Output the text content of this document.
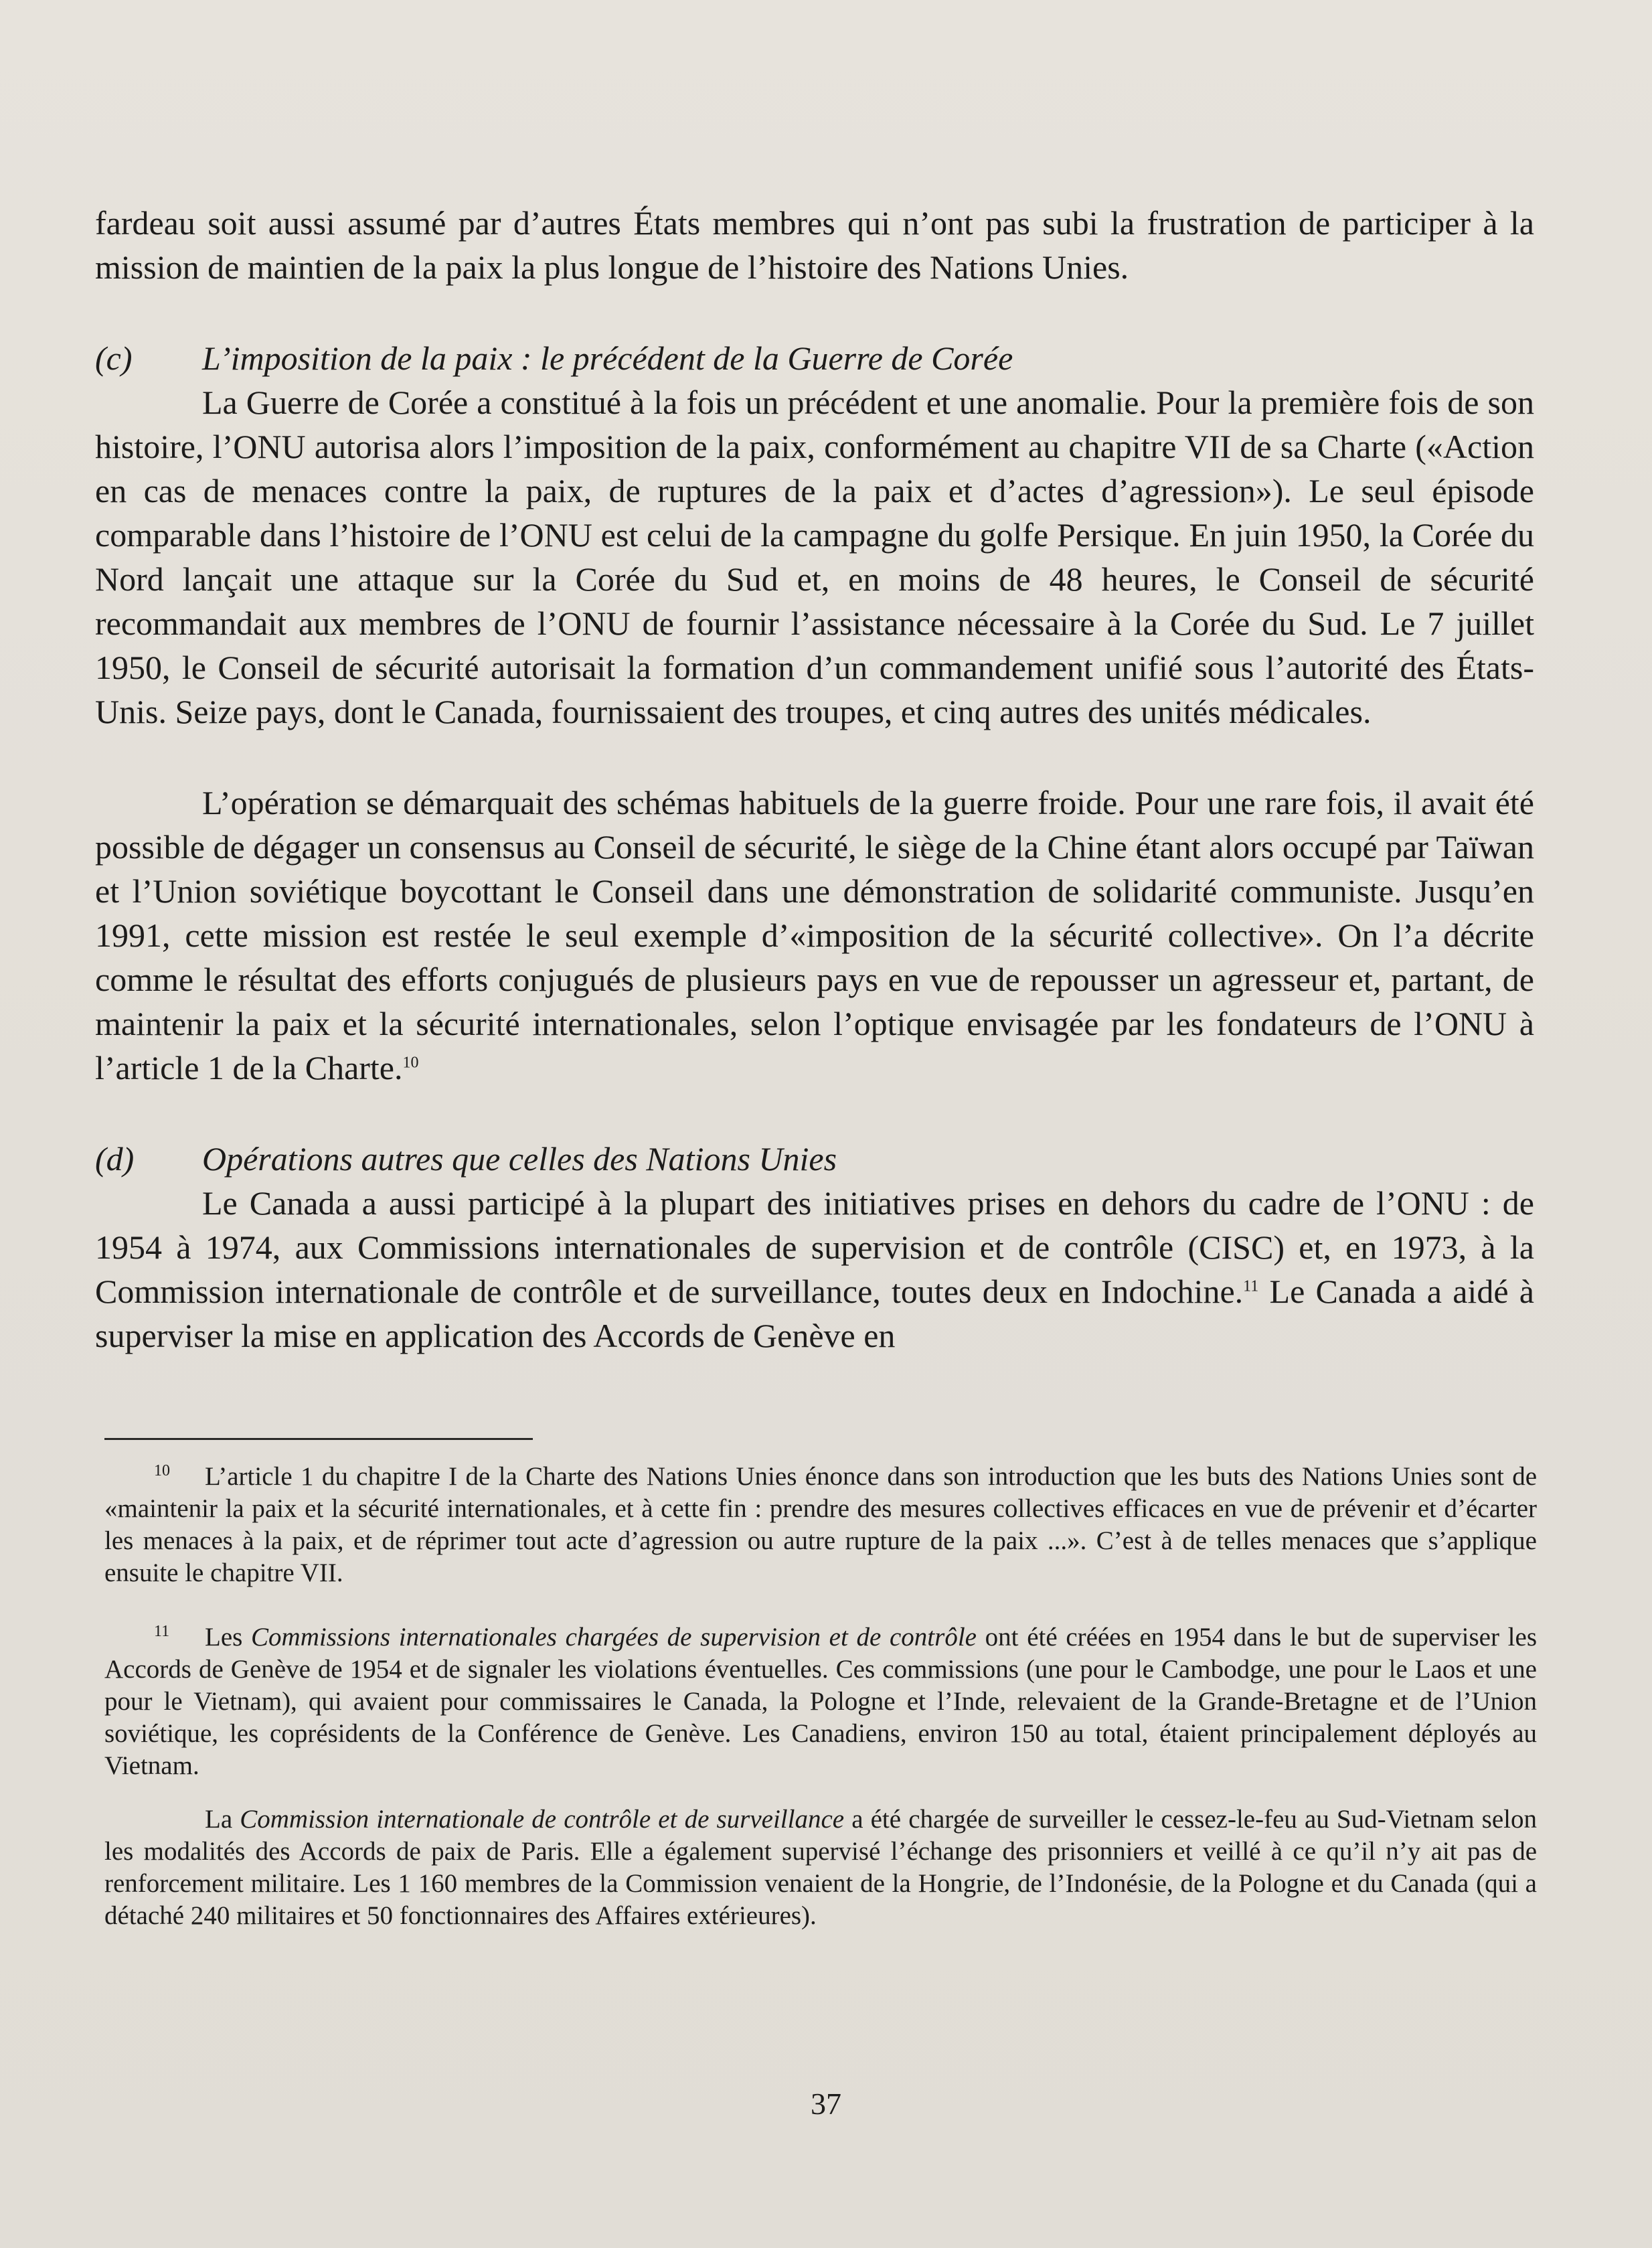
fardeau soit aussi assumé par d’autres États membres qui n’ont pas subi la frustration de participer à la mission de maintien de la paix la plus longue de l’histoire des Nations Unies.

(c)	L’imposition de la paix : le précédent de la Guerre de Corée

La Guerre de Corée a constitué à la fois un précédent et une anomalie. Pour la première fois de son histoire, l’ONU autorisa alors l’imposition de la paix, conformément au chapitre VII de sa Charte («Action en cas de menaces contre la paix, de ruptures de la paix et d’actes d’agression»). Le seul épisode comparable dans l’histoire de l’ONU est celui de la campagne du golfe Persique. En juin 1950, la Corée du Nord lançait une attaque sur la Corée du Sud et, en moins de 48 heures, le Conseil de sécurité recommandait aux membres de l’ONU de fournir l’assistance nécessaire à la Corée du Sud. Le 7 juillet 1950, le Conseil de sécurité autorisait la formation d’un commandement unifié sous l’autorité des États-Unis. Seize pays, dont le Canada, fournissaient des troupes, et cinq autres des unités médicales.

L’opération se démarquait des schémas habituels de la guerre froide. Pour une rare fois, il avait été possible de dégager un consensus au Conseil de sécurité, le siège de la Chine étant alors occupé par Taïwan et l’Union soviétique boycottant le Conseil dans une démonstration de solidarité communiste. Jusqu’en 1991, cette mission est restée le seul exemple d’«imposition de la sécurité collective». On l’a décrite comme le résultat des efforts conjugués de plusieurs pays en vue de repousser un agresseur et, partant, de maintenir la paix et la sécurité internationales, selon l’optique envisagée par les fondateurs de l’ONU à l’article 1 de la Charte.$^{10}$

(d)	Opérations autres que celles des Nations Unies

Le Canada a aussi participé à la plupart des initiatives prises en dehors du cadre de l’ONU : de 1954 à 1974, aux Commissions internationales de supervision et de contrôle (CISC) et, en 1973, à la Commission internationale de contrôle et de surveillance, toutes deux en Indochine.$^{11}$ Le Canada a aidé à superviser la mise en application des Accords de Genève en

10 L’article 1 du chapitre I de la Charte des Nations Unies énonce dans son introduction que les buts des Nations Unies sont de «maintenir la paix et la sécurité internationales, et à cette fin : prendre des mesures collectives efficaces en vue de prévenir et d’écarter les menaces à la paix, et de réprimer tout acte d’agression ou autre rupture de la paix ...». C’est à de telles menaces que s’applique ensuite le chapitre VII.

11 Les Commissions internationales chargées de supervision et de contrôle ont été créées en 1954 dans le but de superviser les Accords de Genève de 1954 et de signaler les violations éventuelles. Ces commissions (une pour le Cambodge, une pour le Laos et une pour le Vietnam), qui avaient pour commissaires le Canada, la Pologne et l’Inde, relevaient de la Grande-Bretagne et de l’Union soviétique, les coprésidents de la Conférence de Genève. Les Canadiens, environ 150 au total, étaient principalement déployés au Vietnam.

La Commission internationale de contrôle et de surveillance a été chargée de surveiller le cessez-le-feu au Sud-Vietnam selon les modalités des Accords de paix de Paris. Elle a également supervisé l’échange des prisonniers et veillé à ce qu’il n’y ait pas de renforcement militaire. Les 1 160 membres de la Commission venaient de la Hongrie, de l’Indonésie, de la Pologne et du Canada (qui a détaché 240 militaires et 50 fonctionnaires des Affaires extérieures).

37
